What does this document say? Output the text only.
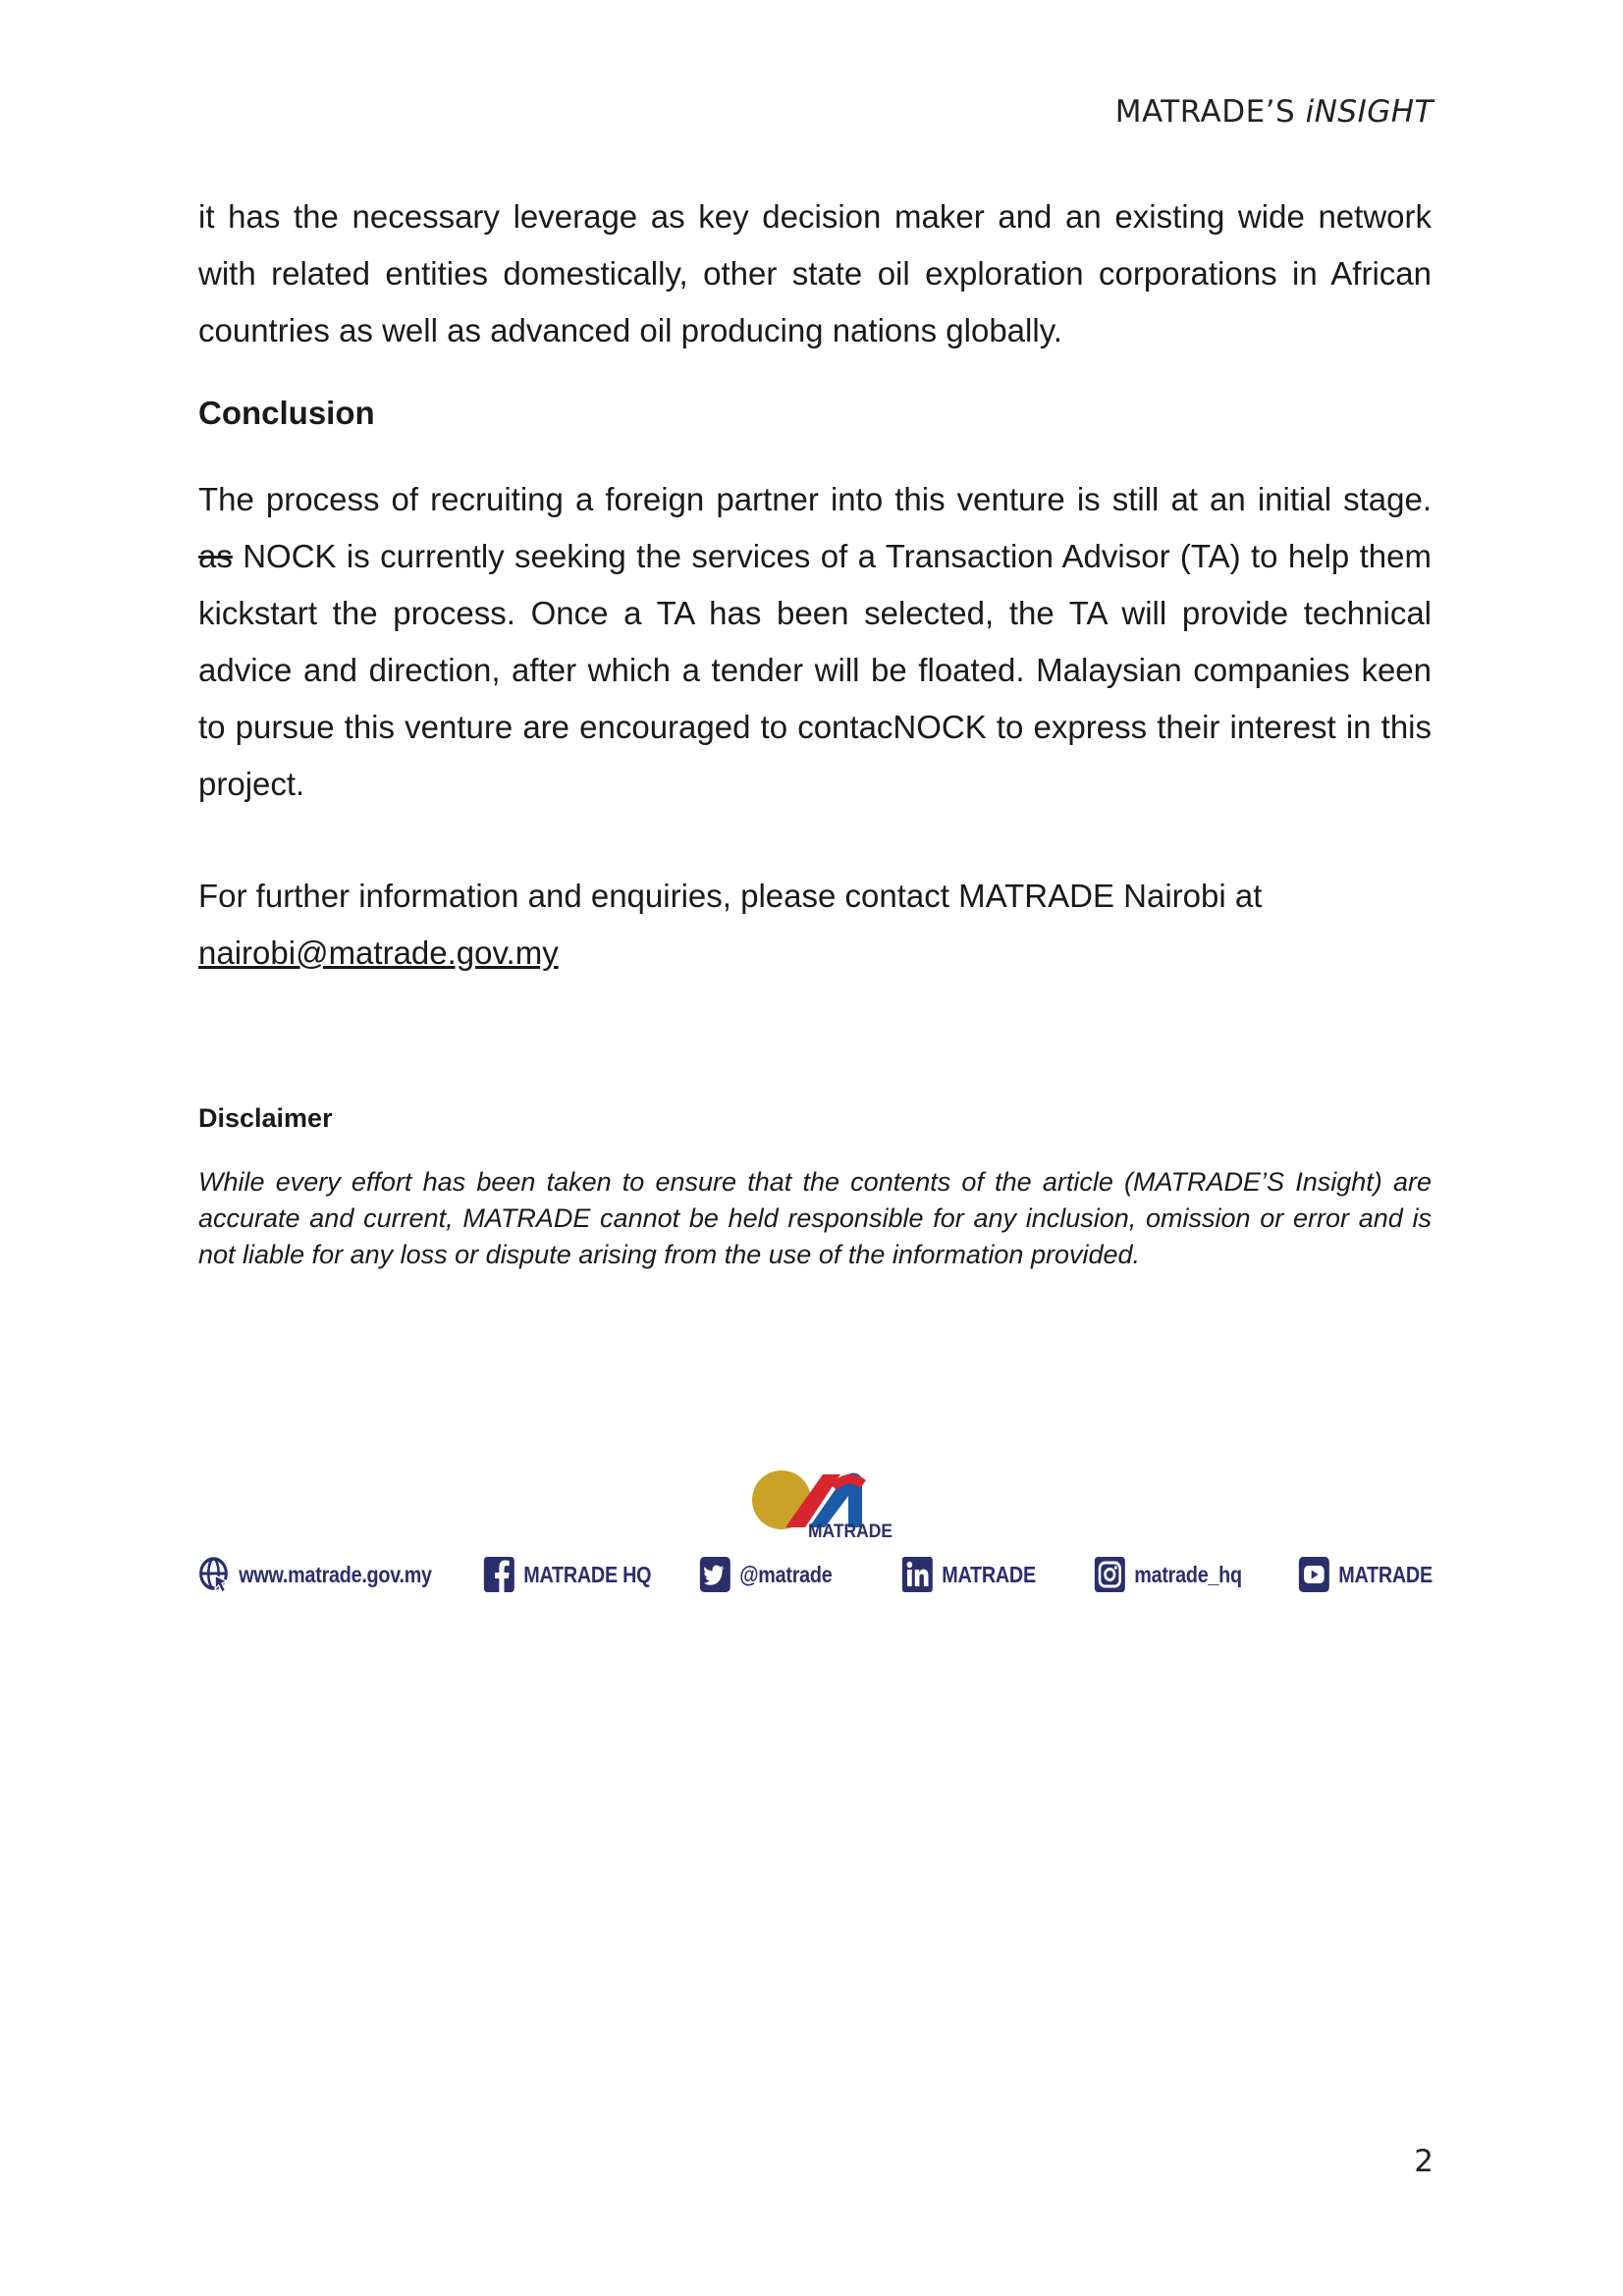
MATRADE’S iNSIGHT

it has the necessary leverage as key decision maker and an existing wide network with related entities domestically, other state oil exploration corporations in African countries as well as advanced oil producing nations globally.

Conclusion

The process of recruiting a foreign partner into this venture is still at an initial stage. as NOCK is currently seeking the services of a Transaction Advisor (TA) to help them kickstart the process. Once a TA has been selected, the TA will provide technical advice and direction, after which a tender will be floated. Malaysian companies keen to pursue this venture are encouraged to contacNOCK to express their interest in this project.

For further information and enquiries, please contact MATRADE Nairobi at
nairobi@matrade.gov.my

Disclaimer

While every effort has been taken to ensure that the contents of the article (MATRADE’S Insight) are accurate and current, MATRADE cannot be held responsible for any inclusion, omission or error and is not liable for any loss or dispute arising from the use of the information provided.

MATRADE
www.matrade.gov.my	MATRADE HQ	@matrade	MATRADE	matrade_hq	MATRADE
2
